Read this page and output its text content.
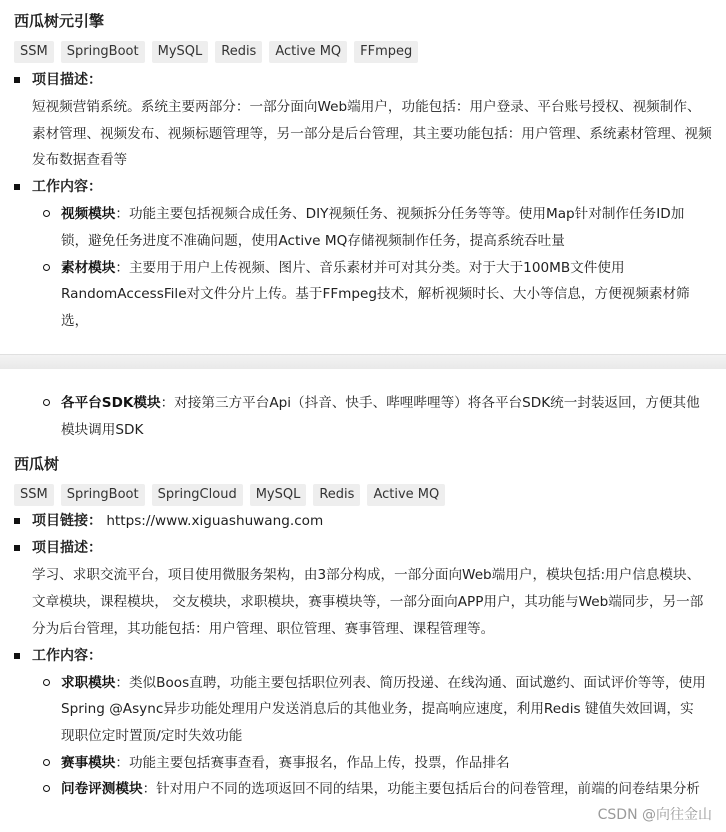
西瓜树元引擎
SSM	SpringBoot	MySQL	Redis	Active MQ	FFmpeg
项目描述：
短视频营销系统。系统主要两部分：一部分面向Web端用户，功能包括：用户登录、平台账号授权、视频制作、素材管理、视频发布、视频标题管理等，另一部分是后台管理，其主要功能包括：用户管理、系统素材管理、视频发布数据查看等
工作内容：
视频模块：功能主要包括视频合成任务、DIY视频任务、视频拆分任务等等。使用Map针对制作任务ID加锁，避免任务进度不准确问题，使用Active MQ存储视频制作任务，提高系统吞吐量
素材模块：主要用于用户上传视频、图片、音乐素材并可对其分类。对于大于100MB文件使用RandomAccessFile对文件分片上传。基于FFmpeg技术，解析视频时长、大小等信息，方便视频素材筛选，
各平台SDK模块：对接第三方平台Api（抖音、快手、哔哩哔哩等）将各平台SDK统一封装返回，方便其他模块调用SDK
西瓜树
SSM	SpringBoot	SpringCloud	MySQL	Redis	Active MQ
项目链接： https://www.xiguashuwang.com
项目描述：
学习、求职交流平台，项目使用微服务架构，由3部分构成，一部分面向Web端用户，模块包括:用户信息模块、文章模块，课程模块， 交友模块，求职模块，赛事模块等，一部分面向APP用户，其功能与Web端同步，另一部分为后台管理，其功能包括：用户管理、职位管理、赛事管理、课程管理等。
工作内容：
求职模块：类似Boos直聘，功能主要包括职位列表、简历投递、在线沟通、面试邀约、面试评价等等，使用Spring @Async异步功能处理用户发送消息后的其他业务，提高响应速度，利用Redis 键值失效回调，实现职位定时置顶/定时失效功能
赛事模块：功能主要包括赛事查看，赛事报名，作品上传，投票，作品排名
问卷评测模块：针对用户不同的选项返回不同的结果，功能主要包括后台的问卷管理，前端的问卷结果分析
CSDN @向往金山
